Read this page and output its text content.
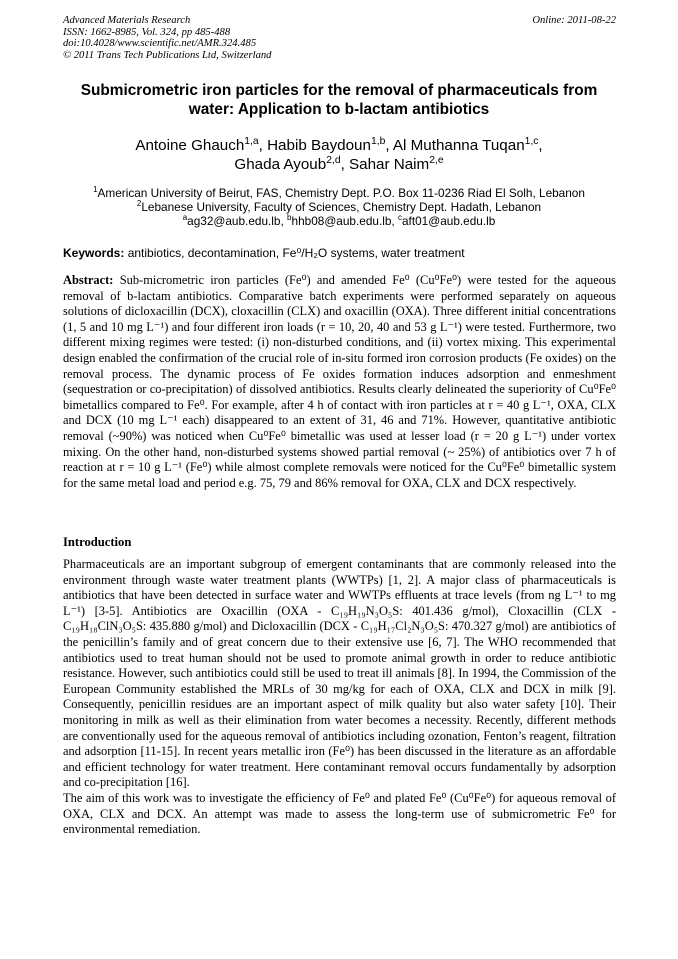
Advanced Materials Research
ISSN: 1662-8985, Vol. 324, pp 485-488
doi:10.4028/www.scientific.net/AMR.324.485
© 2011 Trans Tech Publications Ltd, Switzerland
Online: 2011-08-22
Submicrometric iron particles for the removal of pharmaceuticals from water: Application to b-lactam antibiotics
Antoine Ghauch$^{1,a}$, Habib Baydoun$^{1,b}$, Al Muthanna Tuqan$^{1,c}$,
Ghada Ayoub$^{2,d}$, Sahar Naim$^{2,e}$
$^1$American University of Beirut, FAS, Chemistry Dept. P.O. Box 11-0236 Riad El Solh, Lebanon
$^2$Lebanese University, Faculty of Sciences, Chemistry Dept. Hadath, Lebanon
$^a$ag32@aub.edu.lb, $^b$hhb08@aub.edu.lb, $^c$aft01@aub.edu.lb
Keywords: antibiotics, decontamination, Fe⁰/H₂O systems, water treatment

Abstract: Sub-micrometric iron particles (Fe⁰) and amended Fe⁰ (Cu⁰Fe⁰) were tested for the aqueous removal of b-lactam antibiotics. Comparative batch experiments were performed separately on aqueous solutions of dicloxacillin (DCX), cloxacillin (CLX) and oxacillin (OXA). Three different initial concentrations (1, 5 and 10 mg L⁻¹) and four different iron loads (r = 10, 20, 40 and 53 g L⁻¹) were tested. Furthermore, two different mixing regimes were tested: (i) non-disturbed conditions, and (ii) vortex mixing. This experimental design enabled the confirmation of the crucial role of in-situ formed iron corrosion products (Fe oxides) on the removal process. The dynamic process of Fe oxides formation induces adsorption and enmeshment (sequestration or co-precipitation) of dissolved antibiotics. Results clearly delineated the superiority of Cu⁰Fe⁰ bimetallics compared to Fe⁰. For example, after 4 h of contact with iron particles at r = 40 g L⁻¹, OXA, CLX and DCX (10 mg L⁻¹ each) disappeared to an extent of 31, 46 and 71%. However, quantitative antibiotic removal (~90%) was noticed when Cu⁰Fe⁰ bimetallic was used at lesser load (r = 20 g L⁻¹) under vortex mixing. On the other hand, non-disturbed systems showed partial removal (~ 25%) of antibiotics over 7 h of reaction at r = 10 g L⁻¹ (Fe⁰) while almost complete removals were noticed for the Cu⁰Fe⁰ bimetallic system for the same metal load and period e.g. 75, 79 and 86% removal for OXA, CLX and DCX respectively.

Introduction

Pharmaceuticals are an important subgroup of emergent contaminants that are commonly released into the environment through waste water treatment plants (WWTPs) [1, 2]. A major class of pharmaceuticals is antibiotics that have been detected in surface water and WWTPs effluents at trace levels (from ng L⁻¹ to mg L⁻¹) [3-5]. Antibiotics are Oxacillin (OXA - C₁₉H₁₉N₃O₅S: 401.436 g/mol), Cloxacillin (CLX - C₁₉H₁₈ClN₃O₅S: 435.880 g/mol) and Dicloxacillin (DCX - C₁₉H₁₇Cl₂N₃O₅S: 470.327 g/mol) are antibiotics of the penicillin’s family and of great concern due to their extensive use [6, 7]. The WHO recommended that antibiotics used to treat human should not be used to promote animal growth in order to reduce antibiotic resistance. However, such antibiotics could still be used to treat ill animals [8]. In 1994, the Commission of the European Community established the MRLs of 30 mg/kg for each of OXA, CLX and DCX in milk [9]. Consequently, penicillin residues are an important aspect of milk quality but also water safety [10]. Their monitoring in milk as well as their elimination from water becomes a necessity. Recently, different methods are conventionally used for the aqueous removal of antibiotics including ozonation, Fenton’s reagent, filtration and adsorption [11-15]. In recent years metallic iron (Fe⁰) has been discussed in the literature as an affordable and efficient technology for water treatment. Here contaminant removal occurs fundamentally by adsorption and co-precipitation [16].

The aim of this work was to investigate the efficiency of Fe⁰ and plated Fe⁰ (Cu⁰Fe⁰) for aqueous removal of OXA, CLX and DCX. An attempt was made to assess the long-term use of submicrometric Fe⁰ for environmental remediation.
